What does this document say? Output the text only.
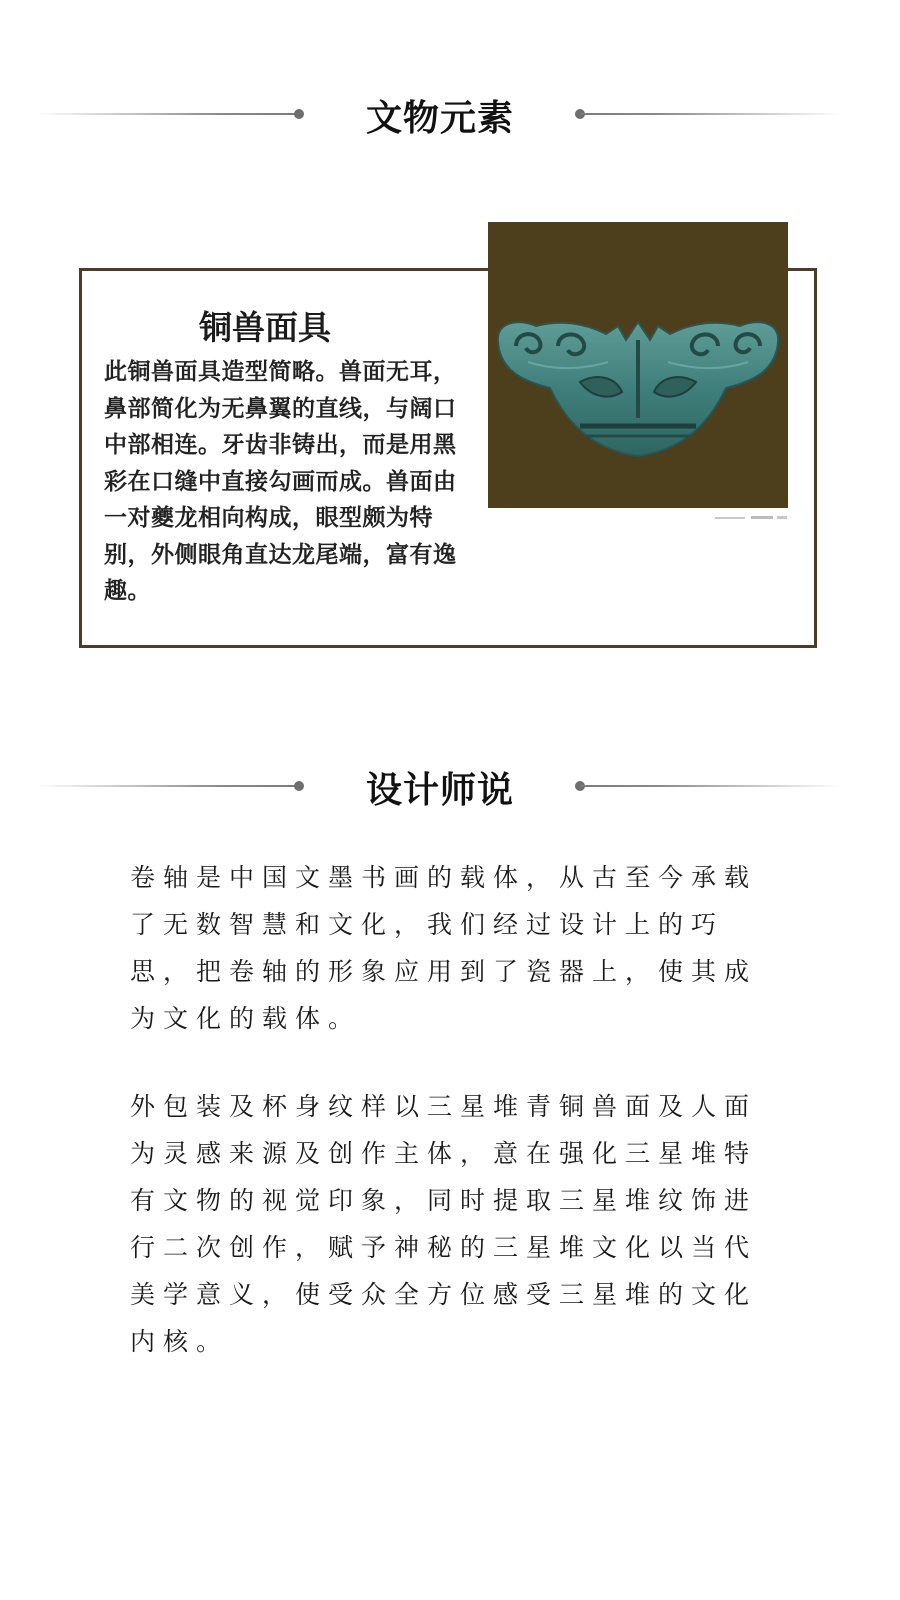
文物元素
铜兽面具
此铜兽面具造型简略。兽面无耳，鼻部简化为无鼻翼的直线，与阔口中部相连。牙齿非铸出，而是用黑彩在口缝中直接勾画而成。兽面由一对夔龙相向构成，眼型颇为特别，外侧眼角直达龙尾端，富有逸趣。
设计师说
卷轴是中国文墨书画的载体，从古至今承载了无数智慧和文化，我们经过设计上的巧思，把卷轴的形象应用到了瓷器上，使其成为文化的载体。
外包装及杯身纹样以三星堆青铜兽面及人面为灵感来源及创作主体，意在强化三星堆特有文物的视觉印象，同时提取三星堆纹饰进行二次创作，赋予神秘的三星堆文化以当代美学意义，使受众全方位感受三星堆的文化内核。
